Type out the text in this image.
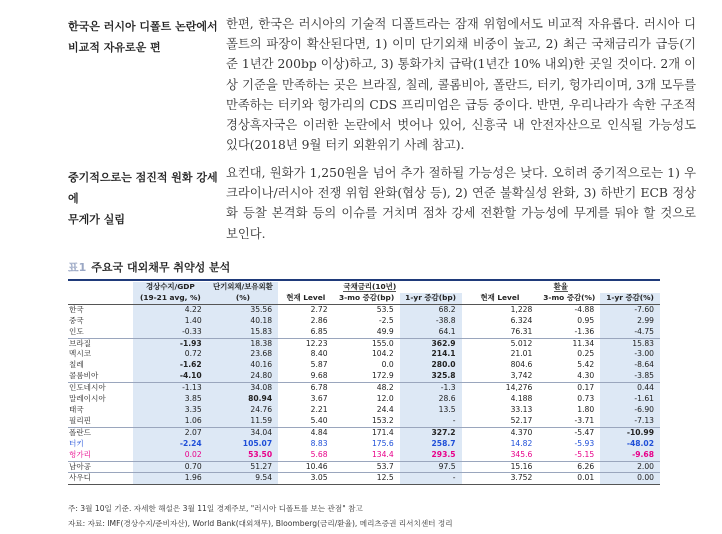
한국은 러시아 디폴트 논란에서
비교적 자유로운 편
한편, 한국은 러시아의 기술적 디폴트라는 잠재 위험에서도 비교적 자유롭다. 러시아 디폴트의 파장이 확산된다면, 1) 이미 단기외채 비중이 높고, 2) 최근 국채금리가 급등(기준 1년간 200bp 이상)하고, 3) 통화가치 급락(1년간 10% 내외)한 곳일 것이다. 2개 이상 기준을 만족하는 곳은 브라질, 칠레, 콜롬비아, 폴란드, 터키, 헝가리이며, 3개 모두를 만족하는 터키와 헝가리의 CDS 프리미엄은 급등 중이다. 반면, 우리나라가 속한 구조적 경상흑자국은 이러한 논란에서 벗어나 있어, 신흥국 내 안전자산으로 인식될 가능성도 있다(2018년 9월 터키 외환위기 사례 참고).
중기적으로는 점진적 원화 강세에
무게가 실림
요컨대, 원화가 1,250원을 넘어 추가 절하될 가능성은 낮다. 오히려 중기적으로는 1) 우크라이나/러시아 전쟁 위험 완화(협상 등), 2) 연준 불확실성 완화, 3) 하반기 ECB 정상화 등찰 본격화 등의 이슈를 거치며 점차 강세 전환할 가능성에 무게를 둬야 할 것으로 보인다.
표1 주요국 대외채무 취약성 분석
	경상수지/GDP	단기외채/보유외환	국채금리(10년)			환율		
	(19-21 avg, %)	(%)	현재 Level	3-mo 증감(bp)	1-yr 증감(bp)	현재 Level	3-mo 증감(%)	1-yr 증감(%)
한국	4.22	35.56	2.72	53.5	68.2	1,228	-4.88	-7.60
중국	1.40	40.18	2.86	-2.5	-38.8	6.324	0.95	2.99
인도	-0.33	15.83	6.85	49.9	64.1	76.31	-1.36	-4.75
브라질	-1.93	18.38	12.23	155.0	362.9	5.012	11.34	15.83
멕시코	0.72	23.68	8.40	104.2	214.1	21.01	0.25	-3.00
칠레	-1.62	40.16	5.87	0.0	280.0	804.6	5.42	-8.64
콜롬비아	-4.10	24.80	9.68	172.9	325.8	3,742	4.30	-3.85
인도네시아	-1.13	34.08	6.78	48.2	-1.3	14,276	0.17	0.44
말레이시아	3.85	80.94	3.67	12.0	28.6	4.188	0.73	-1.61
태국	3.35	24.76	2.21	24.4	13.5	33.13	1.80	-6.90
필리핀	1.06	11.59	5.40	153.2	-	52.17	-3.71	-7.13
폴란드	2.07	34.04	4.84	171.4	327.2	4.370	-5.47	-10.99
터키	-2.24	105.07	8.83	175.6	258.7	14.82	-5.93	-48.02
헝가리	0.02	53.50	5.68	134.4	293.5	345.6	-5.15	-9.68
남아공	0.70	51.27	10.46	53.7	97.5	15.16	6.26	2.00
사우디	1.96	9.54	3.05	12.5	-	3.752	0.01	0.00
주: 3월 10일 기준. 자세한 해설은 3월 11일 경제주보, "러시아 디폴트를 보는 관점" 참고
자료: 자료: IMF(경상수지/준비자산), World Bank(대외채무), Bloomberg(금리/환율), 메리츠증권 리서치센터 정리
